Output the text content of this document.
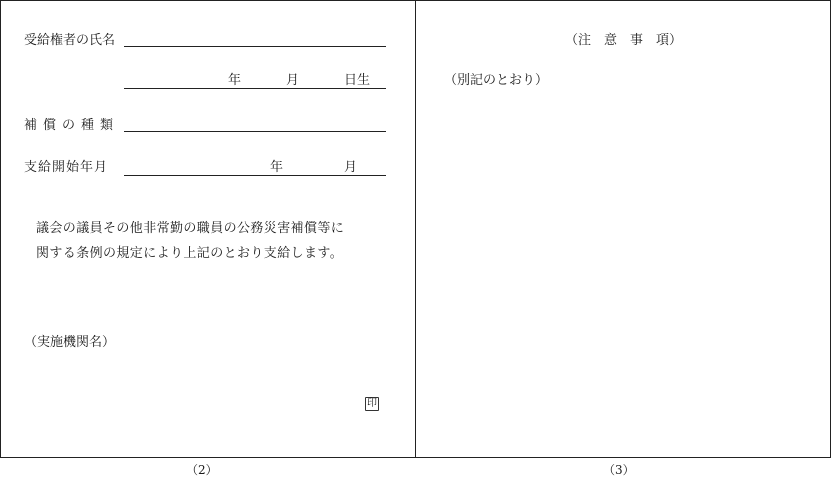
受給権者の氏名
年	月	日生
補償の種類
支給開始年月	年	月
議会の議員その他非常勤の職員の公務災害補償等に
関する条例の規定により上記のとおり支給します。
（実施機関名）
印
（注　意　事　項）
（別記のとおり）
（2）	（3）
